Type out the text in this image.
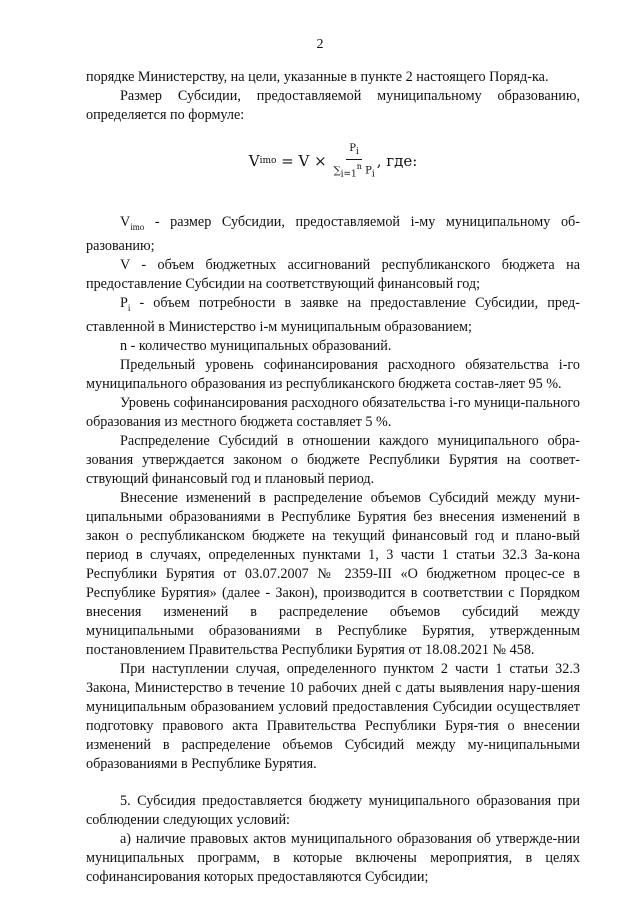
2

порядке Министерству, на цели, указанные в пункте 2 настоящего Поряд-ка.

Размер Субсидии, предоставляемой муниципальному образованию, определяется по формуле:

V imo = $V \times \frac{P_i}{\sum_{i=1}^n P_i}$ , где:

$V_{imo}$ - размер Субсидии, предоставляемой i-му муниципальному об-разованию;

V - объем бюджетных ассигнований республиканского бюджета на предоставление Субсидии на соответствующий финансовый год;

$P_i$ - объем потребности в заявке на предоставление Субсидии, пред-ставленной в Министерство i-м муниципальным образованием;

n - количество муниципальных образований.

Предельный уровень софинансирования расходного обязательства i-го муниципального образования из республиканского бюджета состав-ляет 95 %.

Уровень софинансирования расходного обязательства i-го муници-пального образования из местного бюджета составляет 5 %.

Распределение Субсидий в отношении каждого муниципального обра-зования утверждается законом о бюджете Республики Бурятия на соответ-ствующий финансовый год и плановый период.

Внесение изменений в распределение объемов Субсидий между муни-ципальными образованиями в Республике Бурятия без внесения изменений в закон о республиканском бюджете на текущий финансовый год и плано-вый период в случаях, определенных пунктами 1, 3 части 1 статьи 32.3 За-кона Республики Бурятия от 03.07.2007 № 2359-III «О бюджетном процес-се в Республике Бурятия» (далее - Закон), производится в соответствии с Порядком внесения изменений в распределение объемов субсидий между муниципальными образованиями в Республике Бурятия, утвержденным постановлением Правительства Республики Бурятия от 18.08.2021 № 458.

При наступлении случая, определенного пунктом 2 части 1 статьи 32.3 Закона, Министерство в течение 10 рабочих дней с даты выявления нару-шения муниципальным образованием условий предоставления Субсидии осуществляет подготовку правового акта Правительства Республики Буря-тия о внесении изменений в распределение объемов Субсидий между му-ниципальными образованиями в Республике Бурятия.

5. Субсидия предоставляется бюджету муниципального образования при соблюдении следующих условий:

а) наличие правовых актов муниципального образования об утвержде-нии муниципальных программ, в которые включены мероприятия, в целях софинансирования которых предоставляются Субсидии;
